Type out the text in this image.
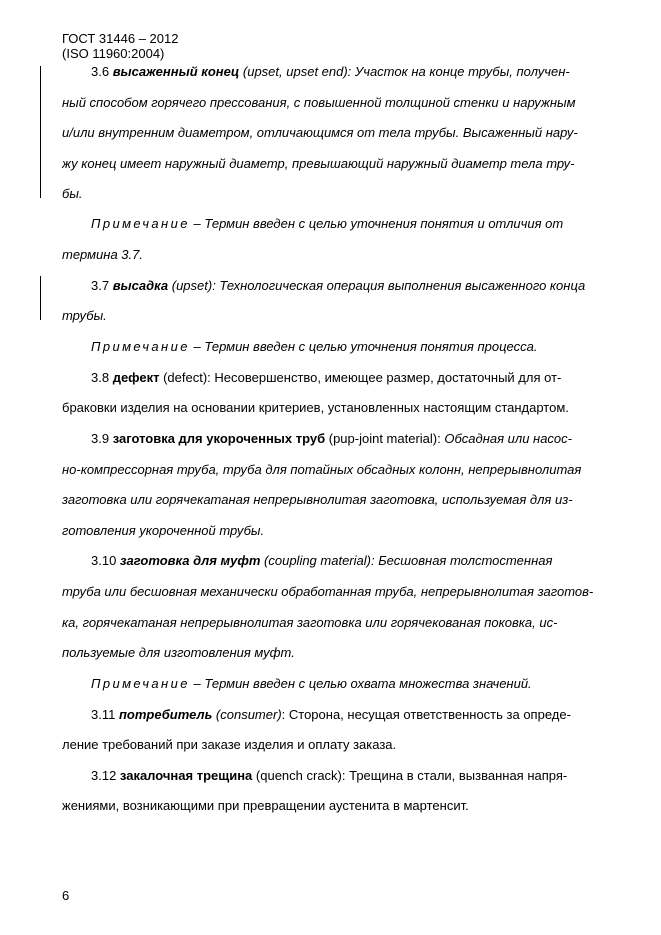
ГОСТ 31446 – 2012
(ISO 11960:2004)
3.6 высаженный конец (upset, upset end): Участок на конце трубы, получен-
ный способом горячего прессования, с повышенной толщиной стенки и наружным
и/или внутренним диаметром, отличающимся от тела трубы. Высаженный нару-
жу конец имеет наружный диаметр, превышающий наружный диаметр тела тру-
бы.
Примечание – Термин введен с целью уточнения понятия и отличия от
термина 3.7.
3.7 высадка (upset): Технологическая операция выполнения высаженного конца
трубы.
Примечание – Термин введен с целью уточнения понятия процесса.
3.8 дефект (defect): Несовершенство, имеющее размер, достаточный для от-
браковки изделия на основании критериев, установленных настоящим стандартом.
3.9 заготовка для укороченных труб (pup-joint material): Обсадная или насос-
но-компрессорная труба, труба для потайных обсадных колонн, непрерывнолитая
заготовка или горячекатаная непрерывнолитая заготовка, используемая для из-
готовления укороченной трубы.
3.10 заготовка для муфт (coupling material): Бесшовная толстостенная
труба или бесшовная механически обработанная труба, непрерывнолитая заготов-
ка, горячекатаная непрерывнолитая заготовка или горячекованая поковка, ис-
пользуемые для изготовления муфт.
Примечание – Термин введен с целью охвата множества значений.
3.11 потребитель (consumer): Сторона, несущая ответственность за опреде-
ление требований при заказе изделия и оплату заказа.
3.12 закалочная трещина (quench crack): Трещина в стали, вызванная напря-
жениями, возникающими при превращении аустенита в мартенсит.
6
